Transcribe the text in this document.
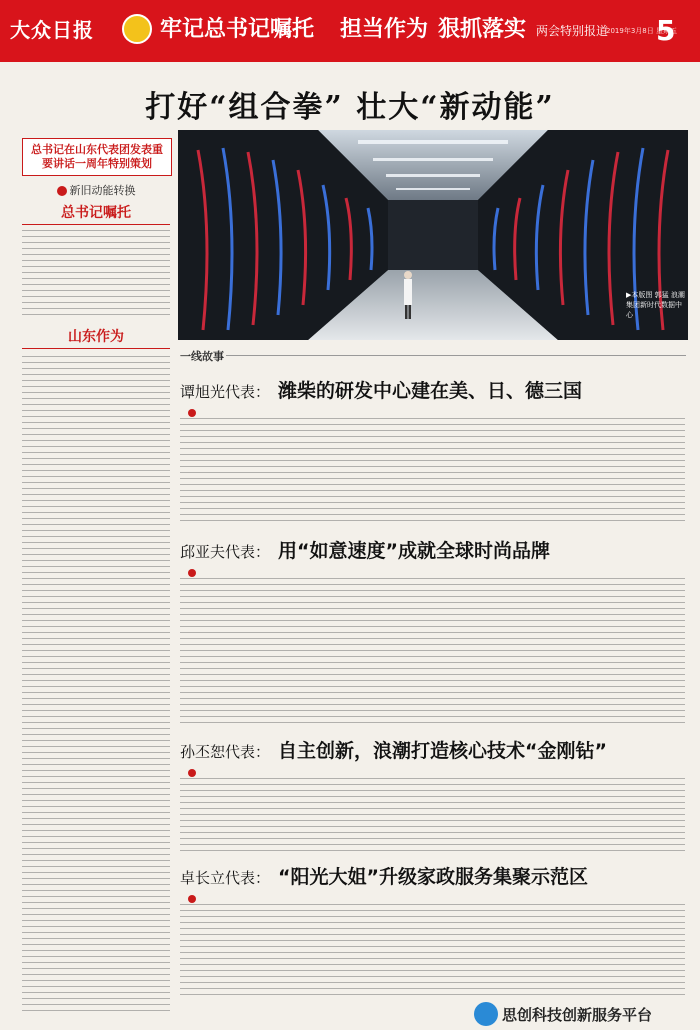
大众日报	牢记总书记嘱托 担当作为 狠抓落实 两会特别报道
2019年3月8日 星期五
5
打好“组合拳” 壮大“新动能”
总书记在山东代表团发表重要讲话一周年特别策划
新旧动能转换
总书记嘱托
山东作为
▶本版图 郭猛 浪潮集团新时代数据中心
一线故事
谭旭光代表： 潍柴的研发中心建在美、日、德三国
邱亚夫代表： 用“如意速度”成就全球时尚品牌
孙丕恕代表： 自主创新，浪潮打造核心技术“金刚钻”
卓长立代表： “阳光大姐”升级家政服务集聚示范区
思创科技创新服务平台
